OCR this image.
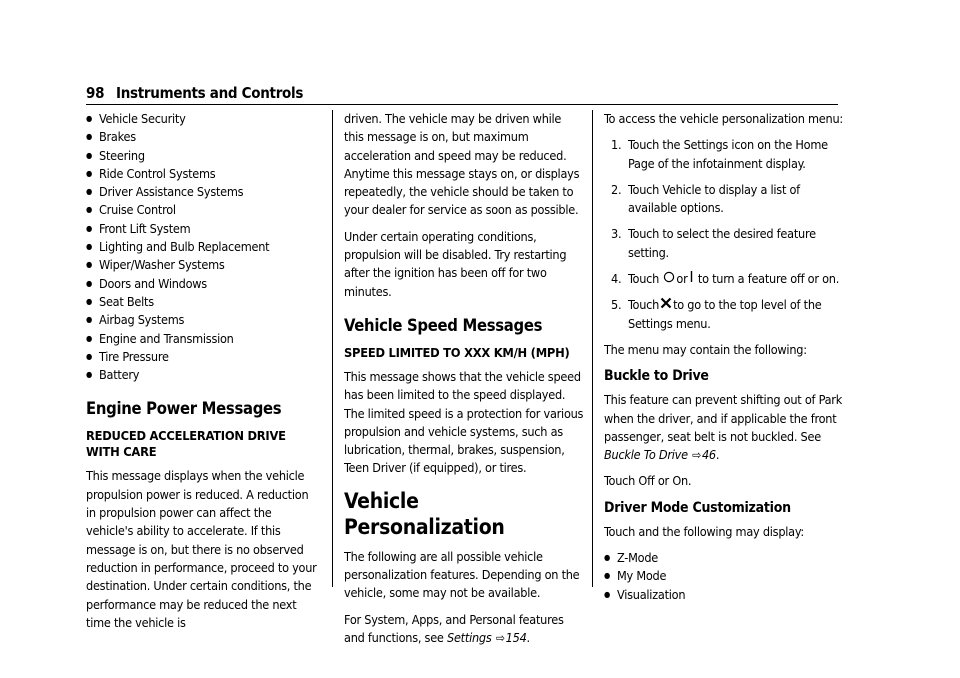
98 Instruments and Controls
● Vehicle Security
● Brakes
● Steering
● Ride Control Systems
● Driver Assistance Systems
● Cruise Control
● Front Lift System
● Lighting and Bulb Replacement
● Wiper/Washer Systems
● Doors and Windows
● Seat Belts
● Airbag Systems
● Engine and Transmission
● Tire Pressure
● Battery
Engine Power Messages
REDUCED ACCELERATION DRIVE
WITH CARE

This message displays when the vehicle propulsion power is reduced. A reduction in propulsion power can affect the vehicle's ability to accelerate. If this message is on, but there is no observed reduction in performance, proceed to your destination. Under certain conditions, the performance may be reduced the next time the vehicle is

driven. The vehicle may be driven while this message is on, but maximum acceleration and speed may be reduced. Anytime this message stays on, or displays repeatedly, the vehicle should be taken to your dealer for service as soon as possible.

Under certain operating conditions, propulsion will be disabled. Try restarting after the ignition has been off for two minutes.

Vehicle Speed Messages
SPEED LIMITED TO XXX KM/H (MPH)

This message shows that the vehicle speed has been limited to the speed displayed. The limited speed is a protection for various propulsion and vehicle systems, such as lubrication, thermal, brakes, suspension, Teen Driver (if equipped), or tires.

Vehicle Personalization

The following are all possible vehicle personalization features. Depending on the vehicle, some may not be available.

For System, Apps, and Personal features and functions, see Settings ⇨154.

To access the vehicle personalization menu:

1. Touch the Settings icon on the Home Page of the infotainment display.
2. Touch Vehicle to display a list of available options.
3. Touch to select the desired feature setting.
4. Touch or to turn a feature off or on.
5. Touch to go to the top level of the Settings menu.

The menu may contain the following:

Buckle to Drive

This feature can prevent shifting out of Park when the driver, and if applicable the front passenger, seat belt is not buckled. See Buckle To Drive ⇨46.

Touch Off or On.

Driver Mode Customization

Touch and the following may display:

● Z-Mode
● My Mode
● Visualization
